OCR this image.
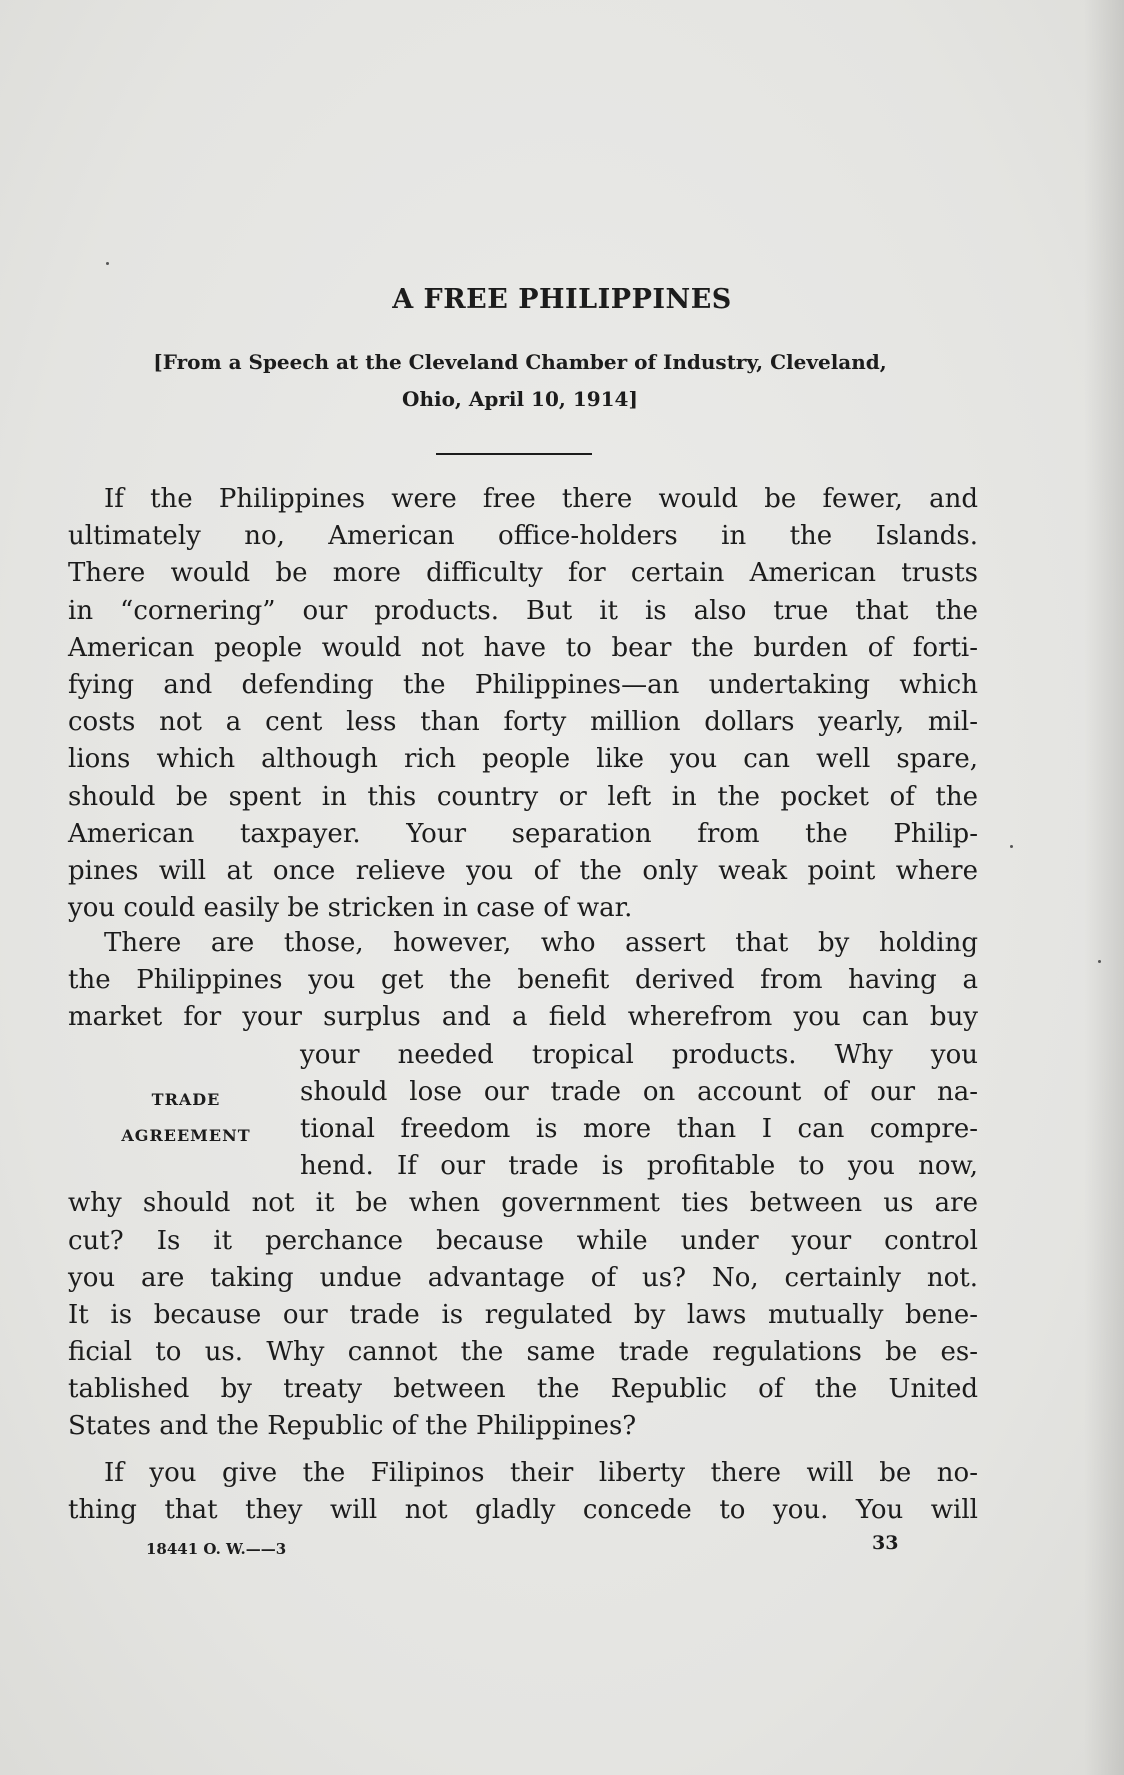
A FREE PHILIPPINES
[From a Speech at the Cleveland Chamber of Industry, Cleveland,
Ohio, April 10, 1914]
If the Philippines were free there would be fewer, and
ultimately no, American office-holders in the Islands.
There would be more difficulty for certain American trusts
in “cornering” our products. But it is also true that the
American people would not have to bear the burden of forti-
fying and defending the Philippines—an undertaking which
costs not a cent less than forty million dollars yearly, mil-
lions which although rich people like you can well spare,
should be spent in this country or left in the pocket of the
American taxpayer. Your separation from the Philip-
pines will at once relieve you of the only weak point where
you could easily be stricken in case of war.
There are those, however, who assert that by holding
the Philippines you get the benefit derived from having a
market for your surplus and a field wherefrom you can buy
your needed tropical products. Why you
should lose our trade on account of our na-
tional freedom is more than I can compre-
hend. If our trade is profitable to you now,
why should not it be when government ties between us are
cut? Is it perchance because while under your control
you are taking undue advantage of us? No, certainly not.
It is because our trade is regulated by laws mutually bene-
ficial to us. Why cannot the same trade regulations be es-
tablished by treaty between the Republic of the United
States and the Republic of the Philippines?
TRADE
AGREEMENT
If you give the Filipinos their liberty there will be no-
thing that they will not gladly concede to you. You will
18441 O. W.——3	33
